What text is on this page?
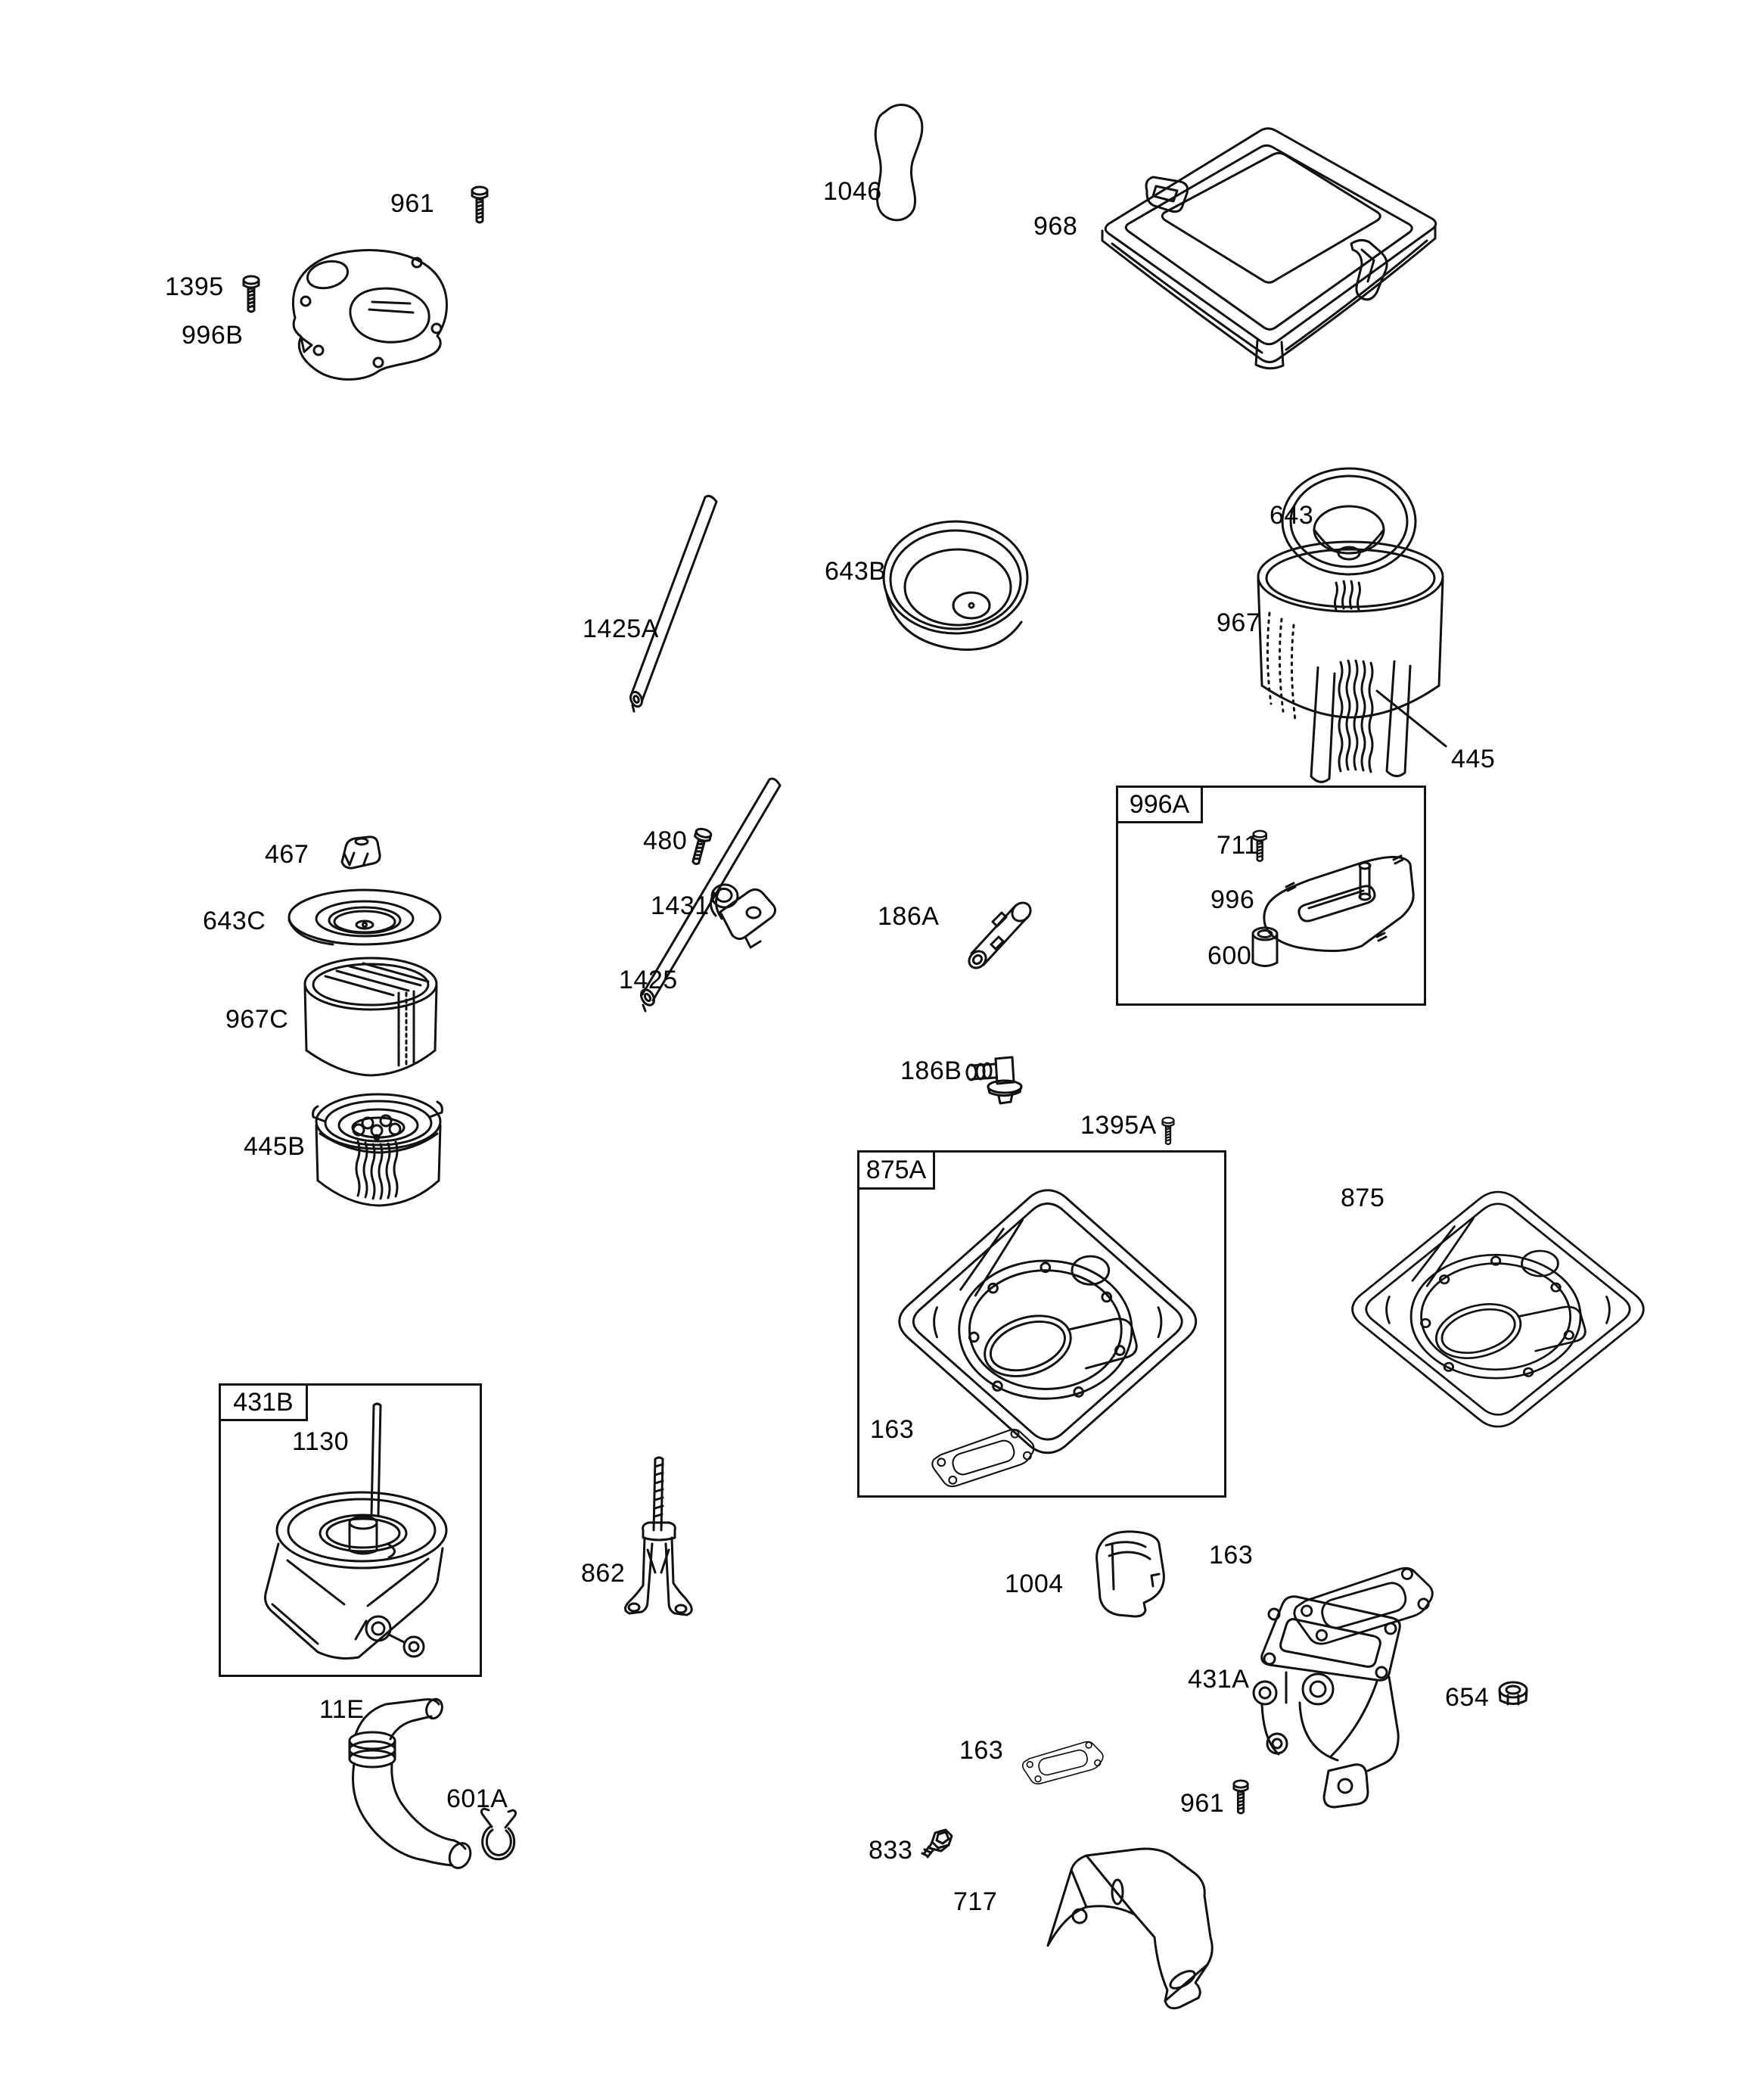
996A
875A
431B
961
1395
996B
1046
968
643
967
445
1425A
643B
480
1431
1425
186A
711
996
600
467
643C
967C
445B
186B
1395A
163
875
1130
862	1004
163
431A
654
163
961
833
717
11E
601A
